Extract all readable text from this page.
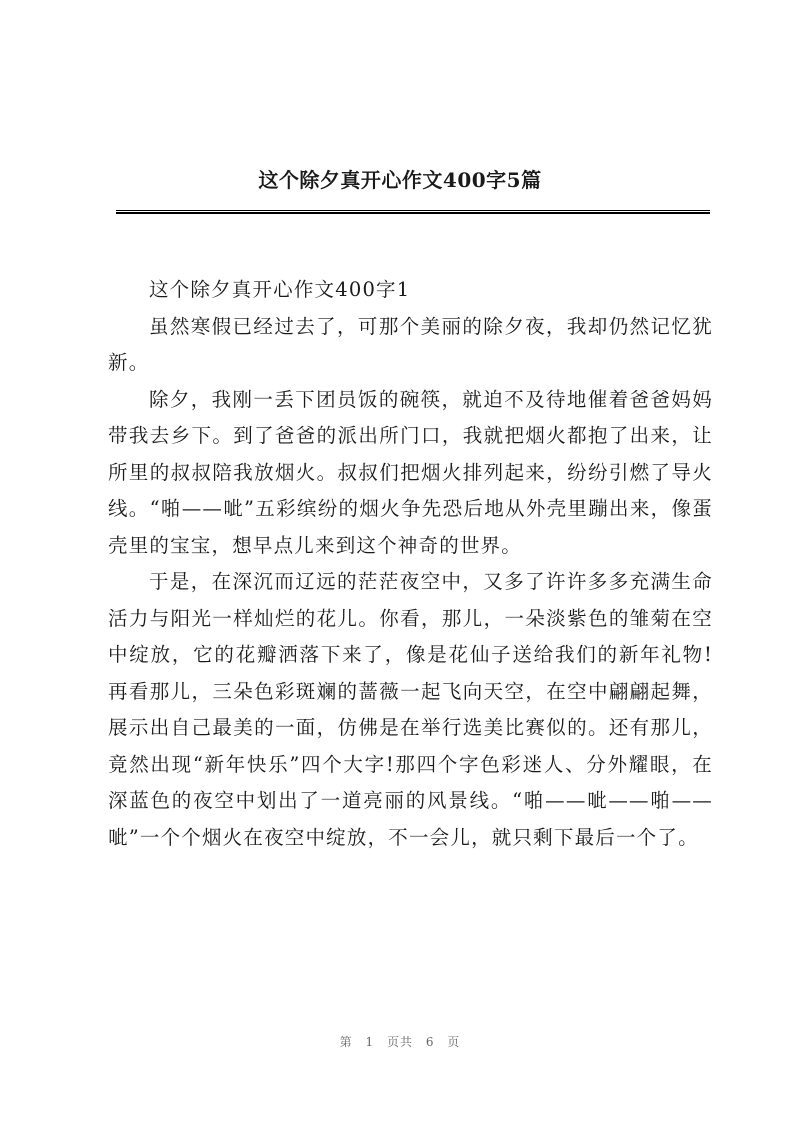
这个除夕真开心作文400字5篇

这个除夕真开心作文400字1

虽然寒假已经过去了，可那个美丽的除夕夜，我却仍然记忆犹新。

除夕，我刚一丢下团员饭的碗筷，就迫不及待地催着爸爸妈妈带我去乡下。到了爸爸的派出所门口，我就把烟火都抱了出来，让所里的叔叔陪我放烟火。叔叔们把烟火排列起来，纷纷引燃了导火线。“啪——呲”五彩缤纷的烟火争先恐后地从外壳里蹦出来，像蛋壳里的宝宝，想早点儿来到这个神奇的世界。

于是，在深沉而辽远的茫茫夜空中，又多了许许多多充满生命活力与阳光一样灿烂的花儿。你看，那儿，一朵淡紫色的雏菊在空中绽放，它的花瓣洒落下来了，像是花仙子送给我们的新年礼物!再看那儿，三朵色彩斑斓的蔷薇一起飞向天空，在空中翩翩起舞，展示出自己最美的一面，仿佛是在举行选美比赛似的。还有那儿，竟然出现“新年快乐”四个大字!那四个字色彩迷人、分外耀眼，在深蓝色的夜空中划出了一道亮丽的风景线。“啪——呲——啪——呲”一个个烟火在夜空中绽放，不一会儿，就只剩下最后一个了。

第 1 页共 6 页
